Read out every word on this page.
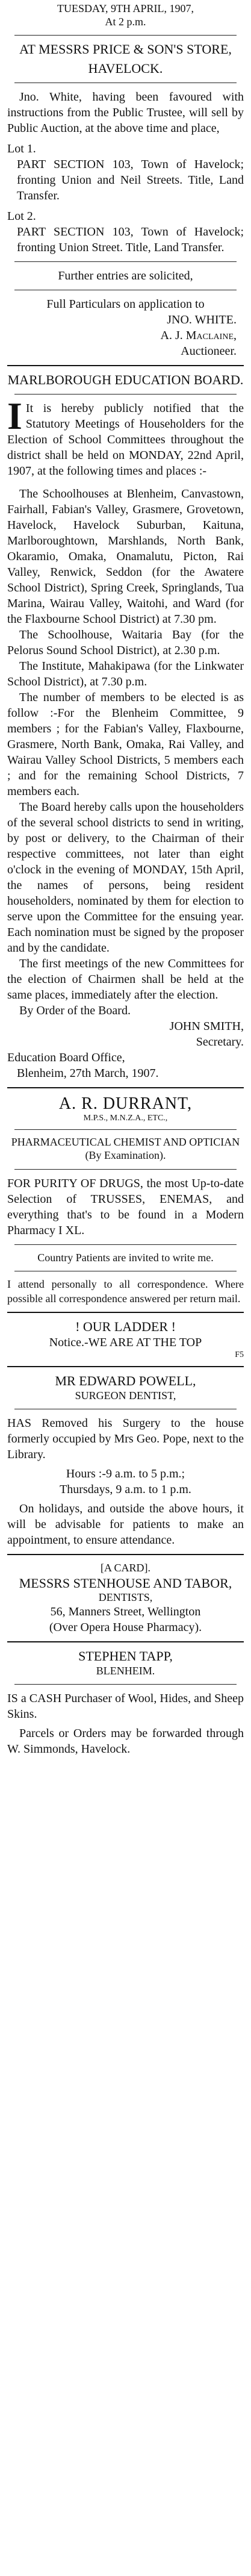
TUESDAY, 9TH APRIL, 1907,
At 2 p.m.
AT MESSRS PRICE & SON'S STORE,
HAVELOCK.
Jno. White, having been favoured with instructions from the Public Trustee, will sell by Public Auction, at the above time and place,
Lot 1.
PART SECTION 103, Town of Havelock; fronting Union and Neil Streets. Title, Land Transfer.
Lot 2.
PART SECTION 103, Town of Havelock; fronting Union Street. Title, Land Transfer.
Further entries are solicited,
Full Particulars on application to
JNO. WHITE.
A. J. Maclaine,
Auctioneer.
MARLBOROUGH EDUCATION BOARD.
I It is hereby publicly notified that the Statutory Meetings of Householders for the Election of School Committees throughout the district shall be held on MONDAY, 22nd April, 1907, at the following times and places :-
The Schoolhouses at Blenheim, Canvastown, Fairhall, Fabian's Valley, Grasmere, Grovetown, Havelock, Havelock Suburban, Kaituna, Marlboroughtown, Marshlands, North Bank, Okaramio, Omaka, Onamalutu, Picton, Rai Valley, Renwick, Seddon (for the Awatere School District), Spring Creek, Springlands, Tua Marina, Wairau Valley, Waitohi, and Ward (for the Flaxbourne School District) at 7.30 pm.
The Schoolhouse, Waitaria Bay (for the Pelorus Sound School District), at 2.30 p.m.
The Institute, Mahakipawa (for the Linkwater School District), at 7.30 p.m.
The number of members to be elected is as follow :-For the Blenheim Committee, 9 members ; for the Fabian's Valley, Flaxbourne, Grasmere, North Bank, Omaka, Rai Valley, and Wairau Valley School Districts, 5 members each ; and for the remaining School Districts, 7 members each.
The Board hereby calls upon the householders of the several school districts to send in writing, by post or delivery, to the Chairman of their respective committees, not later than eight o'clock in the evening of MONDAY, 15th April, the names of persons, being resident householders, nominated by them for election to serve upon the Committee for the ensuing year. Each nomination must be signed by the proposer and by the candidate.
The first meetings of the new Committees for the election of Chairmen shall be held at the same places, immediately after the election.
By Order of the Board.
JOHN SMITH,
Secretary.
Education Board Office,
Blenheim, 27th March, 1907.
A. R. DURRANT,
M.P.S., M.N.Z.A., ETC.,
PHARMACEUTICAL CHEMIST AND OPTICIAN
(By Examination).
FOR PURITY OF DRUGS, the most Up-to-date Selection of TRUSSES, ENEMAS, and everything that's to be found in a Modern Pharmacy I XL.
Country Patients are invited to write me.
I attend personally to all correspondence. Where possible all correspondence answered per return mail.
! OUR LADDER !
Notice.-WE ARE AT THE TOP
F5
MR EDWARD POWELL,
SURGEON DENTIST,
HAS Removed his Surgery to the house formerly occupied by Mrs Geo. Pope, next to the Library.
Hours :-9 a.m. to 5 p.m.;
Thursdays, 9 a.m. to 1 p.m.
On holidays, and outside the above hours, it will be advisable for patients to make an appointment, to ensure attendance.
[A CARD].
MESSRS STENHOUSE AND TABOR,
DENTISTS,
56, Manners Street, Wellington
(Over Opera House Pharmacy).
STEPHEN TAPP,
BLENHEIM.
IS a CASH Purchaser of Wool, Hides, and Sheep Skins.
Parcels or Orders may be forwarded through W. Simmonds, Havelock.
